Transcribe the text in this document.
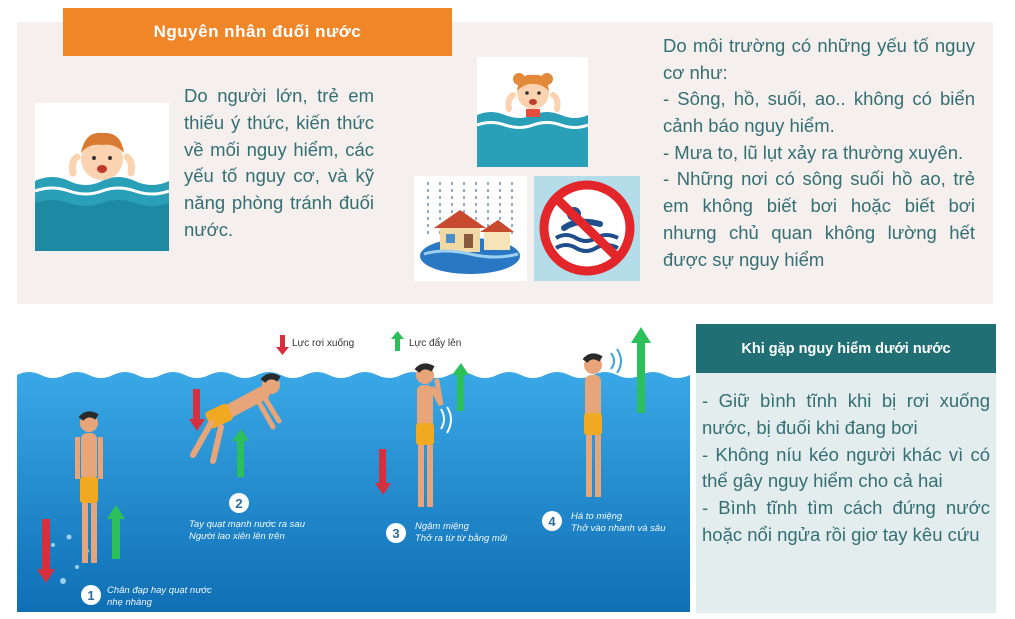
Nguyên nhân đuối nước

Do người lớn, trẻ em thiếu ý thức, kiến thức về mối nguy hiểm, các yếu tố nguy cơ, và kỹ năng phòng tránh đuối nước.

Do môi trường có những yếu tố nguy cơ như:

- Sông, hồ, suối, ao.. không có biển cảnh báo nguy hiểm.
- Mưa to, lũ lụt xảy ra thường xuyên.
- Những nơi có sông suối hồ ao, trẻ em không biết bơi hoặc biết bơi nhưng chủ quan không lường hết được sự nguy hiểm
Lực rơi xuống	Lực đẩy lên
1	Chân đạp hay quạt nước
nhẹ nhàng
2
Tay quạt mạnh nước ra sau
Người lao xiên lên trên	3	Ngậm miệng
Thở ra từ từ bằng mũi
4	Há to miệng
Thở vào nhanh và sâu
Khi gặp nguy hiểm dưới nước
- Giữ bình tĩnh khi bị rơi xuống nước, bị đuối khi đang bơi
- Không níu kéo người khác vì có thể gây nguy hiểm cho cả hai
- Bình tĩnh tìm cách đứng nước hoặc nổi ngửa rồi giơ tay kêu cứu
